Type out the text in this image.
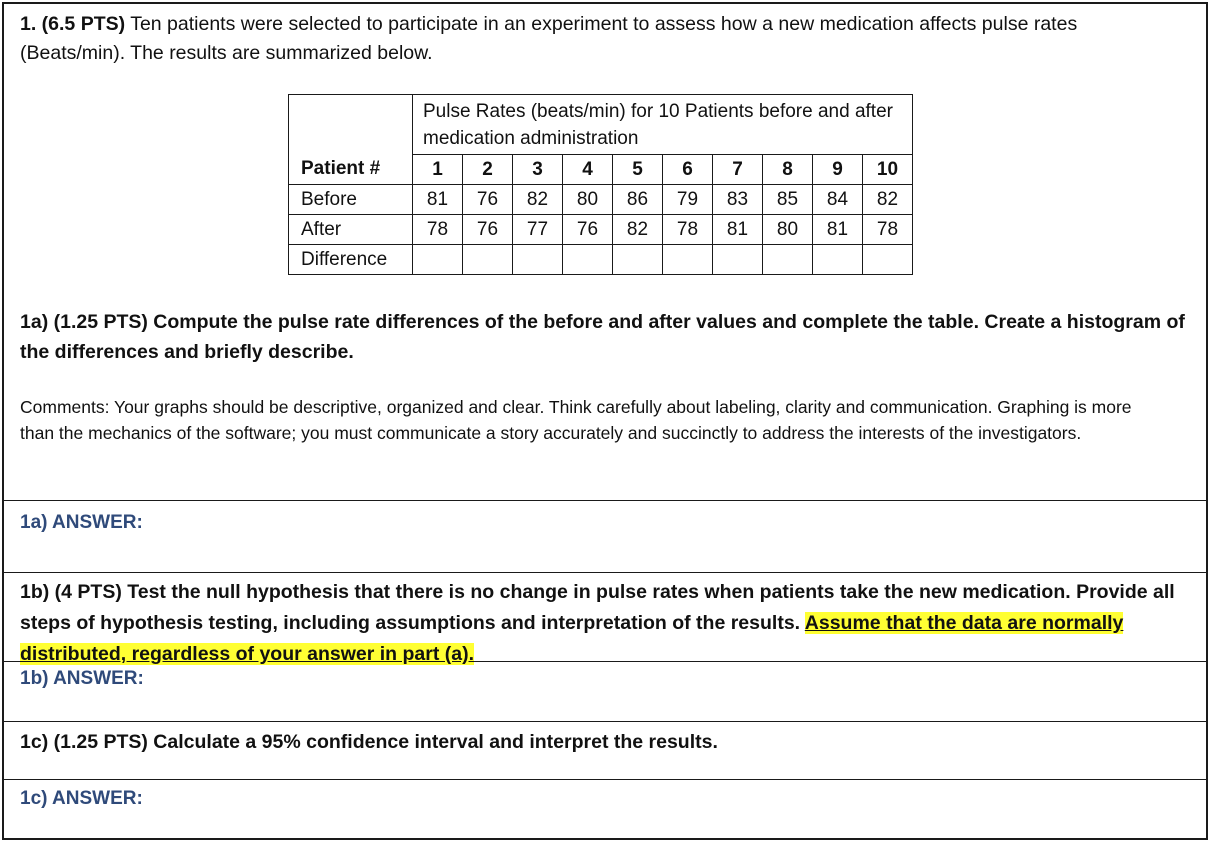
1. (6.5 PTS) Ten patients were selected to participate in an experiment to assess how a new medication affects pulse rates (Beats/min). The results are summarized below.
	Pulse Rates (beats/min) for 10 Patients before and after medication administration									
Patient #	1	2	3	4	5	6	7	8	9	10
Before	81	76	82	80	86	79	83	85	84	82
After	78	76	77	76	82	78	81	80	81	78
Difference										
1a) (1.25 PTS) Compute the pulse rate differences of the before and after values and complete the table. Create a histogram of the differences and briefly describe.
Comments: Your graphs should be descriptive, organized and clear. Think carefully about labeling, clarity and communication. Graphing is more than the mechanics of the software; you must communicate a story accurately and succinctly to address the interests of the investigators.
1a) ANSWER:
1b) (4 PTS) Test the null hypothesis that there is no change in pulse rates when patients take the new medication. Provide all steps of hypothesis testing, including assumptions and interpretation of the results. Assume that the data are normally distributed, regardless of your answer in part (a).
1b) ANSWER:
1c) (1.25 PTS) Calculate a 95% confidence interval and interpret the results.
1c) ANSWER:
